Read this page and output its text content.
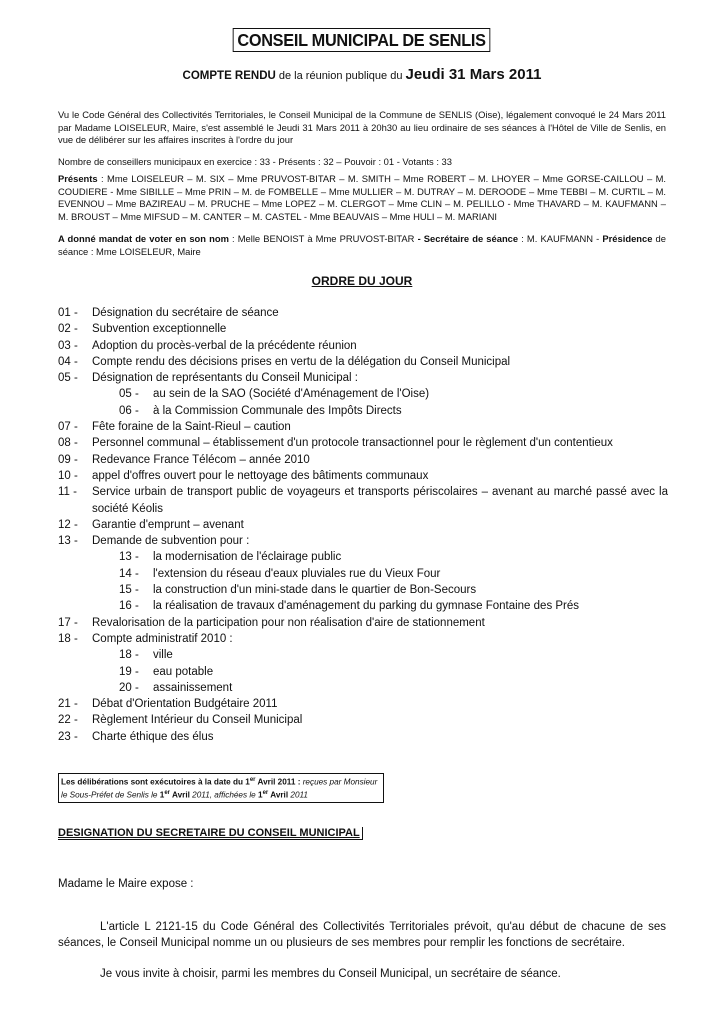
CONSEIL MUNICIPAL DE SENLIS
COMPTE RENDU de la réunion publique du Jeudi 31 Mars 2011
Vu le Code Général des Collectivités Territoriales, le Conseil Municipal de la Commune de SENLIS (Oise), légalement convoqué le 24 Mars 2011 par Madame LOISELEUR, Maire, s'est assemblé le Jeudi 31 Mars 2011 à 20h30 au lieu ordinaire de ses séances à l'Hôtel de Ville de Senlis, en vue de délibérer sur les affaires inscrites à l'ordre du jour
Nombre de conseillers municipaux en exercice : 33 - Présents : 32 – Pouvoir : 01 - Votants : 33
Présents : Mme LOISELEUR – M. SIX – Mme PRUVOST-BITAR – M. SMITH – Mme ROBERT – M. LHOYER – Mme GORSE-CAILLOU – M. COUDIERE - Mme SIBILLE – Mme PRIN – M. de FOMBELLE – Mme MULLIER – M. DUTRAY – M. DEROODE – Mme TEBBI – M. CURTIL – M. EVENNOU – Mme BAZIREAU – M. PRUCHE – Mme LOPEZ – M. CLERGOT – Mme CLIN – M. PELILLO - Mme THAVARD – M. KAUFMANN – M. BROUST – Mme MIFSUD – M. CANTER – M. CASTEL - Mme BEAUVAIS – Mme HULI – M. MARIANI
A donné mandat de voter en son nom : Melle BENOIST à Mme PRUVOST-BITAR - Secrétaire de séance : M. KAUFMANN - Présidence de séance : Mme LOISELEUR, Maire
ORDRE DU JOUR
01 -	Désignation du secrétaire de séance
02 -	Subvention exceptionnelle
03 -	Adoption du procès-verbal de la précédente réunion
04 -	Compte rendu des décisions prises en vertu de la délégation du Conseil Municipal
05 -	Désignation de représentants du Conseil Municipal :
05 -	au sein de la SAO (Société d'Aménagement de l'Oise)
06 -	à la Commission Communale des Impôts Directs
07 -	Fête foraine de la Saint-Rieul – caution
08 -	Personnel communal – établissement d'un protocole transactionnel pour le règlement d'un contentieux
09 -	Redevance France Télécom – année 2010
10 -	appel d'offres ouvert pour le nettoyage des bâtiments communaux
11 -	Service urbain de transport public de voyageurs et transports périscolaires – avenant au marché passé avec la société Kéolis
12 -	Garantie d'emprunt – avenant
13 -	Demande de subvention pour :
13 -	la modernisation de l'éclairage public
14 -	l'extension du réseau d'eaux pluviales rue du Vieux Four
15 -	la construction d'un mini-stade dans le quartier de Bon-Secours
16 -	la réalisation de travaux d'aménagement du parking du gymnase Fontaine des Prés
17 -	Revalorisation de la participation pour non réalisation d'aire de stationnement
18 -	Compte administratif 2010 :
18 -	ville
19 -	eau potable
20 -	assainissement
21 -	Débat d'Orientation Budgétaire 2011
22 -	Règlement Intérieur du Conseil Municipal
23 -	Charte éthique des élus
Les délibérations sont exécutoires à la date du 1er Avril 2011 : reçues par Monsieur le Sous-Préfet de Senlis le 1er Avril 2011, affichées le 1er Avril 2011
DESIGNATION DU SECRETAIRE DU CONSEIL MUNICIPAL
Madame le Maire expose :
L'article L 2121-15 du Code Général des Collectivités Territoriales prévoit, qu'au début de chacune de ses séances, le Conseil Municipal nomme un ou plusieurs de ses membres pour remplir les fonctions de secrétaire.
Je vous invite à choisir, parmi les membres du Conseil Municipal, un secrétaire de séance.
